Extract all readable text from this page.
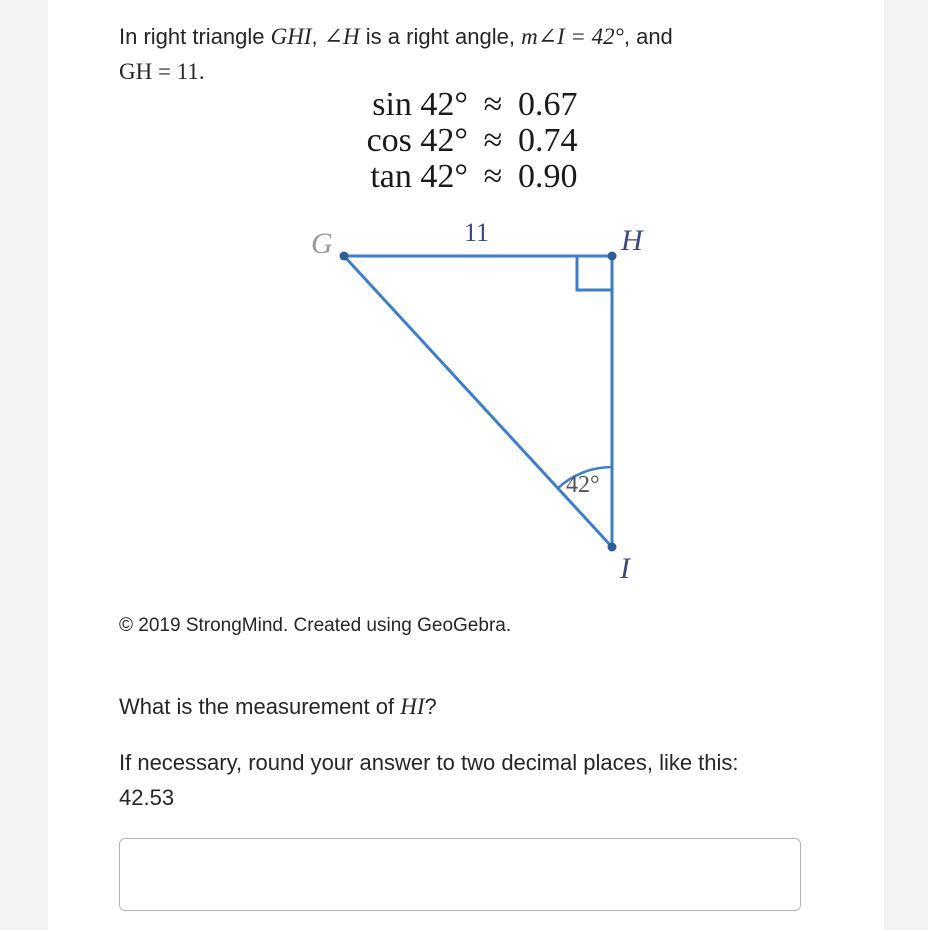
In right triangle GHI, ∠H is a right angle, m∠I = 42°, and

GH = 11.

sin 42° ≈ 0.67
cos 42° ≈ 0.74
tan 42° ≈ 0.90
G	H
I
11
42°
© 2019 StrongMind. Created using GeoGebra.

What is the measurement of HI?

If necessary, round your answer to two decimal places, like this:

42.53
